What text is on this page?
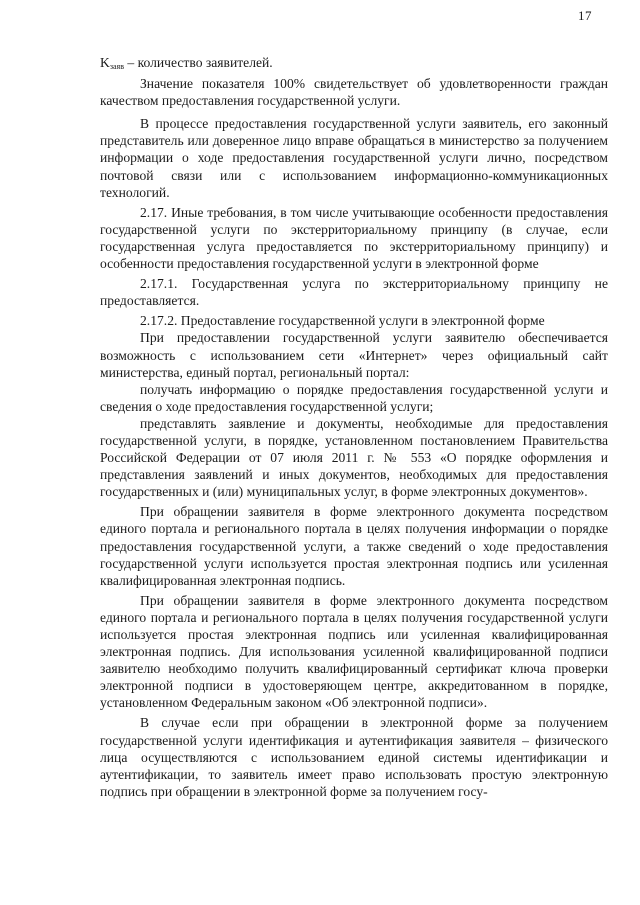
17

$K_{заяв}$ – количество заявителей.

Значение показателя 100% свидетельствует об удовлетворенности граждан качеством предоставления государственной услуги.

В процессе предоставления государственной услуги заявитель, его законный представитель или доверенное лицо вправе обращаться в министерство за получением информации о ходе предоставления государственной услуги лично, посредством почтовой связи или с использованием информационно-коммуникационных технологий.

2.17. Иные требования, в том числе учитывающие особенности предоставления государственной услуги по экстерриториальному принципу (в случае, если государственная услуга предоставляется по экстерриториальному принципу) и особенности предоставления государственной услуги в электронной форме

2.17.1. Государственная услуга по экстерриториальному принципу не предоставляется.

2.17.2. Предоставление государственной услуги в электронной форме

При предоставлении государственной услуги заявителю обеспечивается возможность с использованием сети «Интернет» через официальный сайт министерства, единый портал, региональный портал:

получать информацию о порядке предоставления государственной услуги и сведения о ходе предоставления государственной услуги;

представлять заявление и документы, необходимые для предоставления государственной услуги, в порядке, установленном постановлением Правительства Российской Федерации от 07 июля 2011 г. № 553 «О порядке оформления и представления заявлений и иных документов, необходимых для предоставления государственных и (или) муниципальных услуг, в форме электронных документов».

При обращении заявителя в форме электронного документа посредством единого портала и регионального портала в целях получения информации о порядке предоставления государственной услуги, а также сведений о ходе предоставления государственной услуги используется простая электронная подпись или усиленная квалифицированная электронная подпись.

При обращении заявителя в форме электронного документа посредством единого портала и регионального портала в целях получения государственной услуги используется простая электронная подпись или усиленная квалифицированная электронная подпись. Для использования усиленной квалифицированной подписи заявителю необходимо получить квалифицированный сертификат ключа проверки электронной подписи в удостоверяющем центре, аккредитованном в порядке, установленном Федеральным законом «Об электронной подписи».

В случае если при обращении в электронной форме за получением государственной услуги идентификация и аутентификация заявителя – физического лица осуществляются с использованием единой системы идентификации и аутентификации, то заявитель имеет право использовать простую электронную подпись при обращении в электронной форме за получением госу-
